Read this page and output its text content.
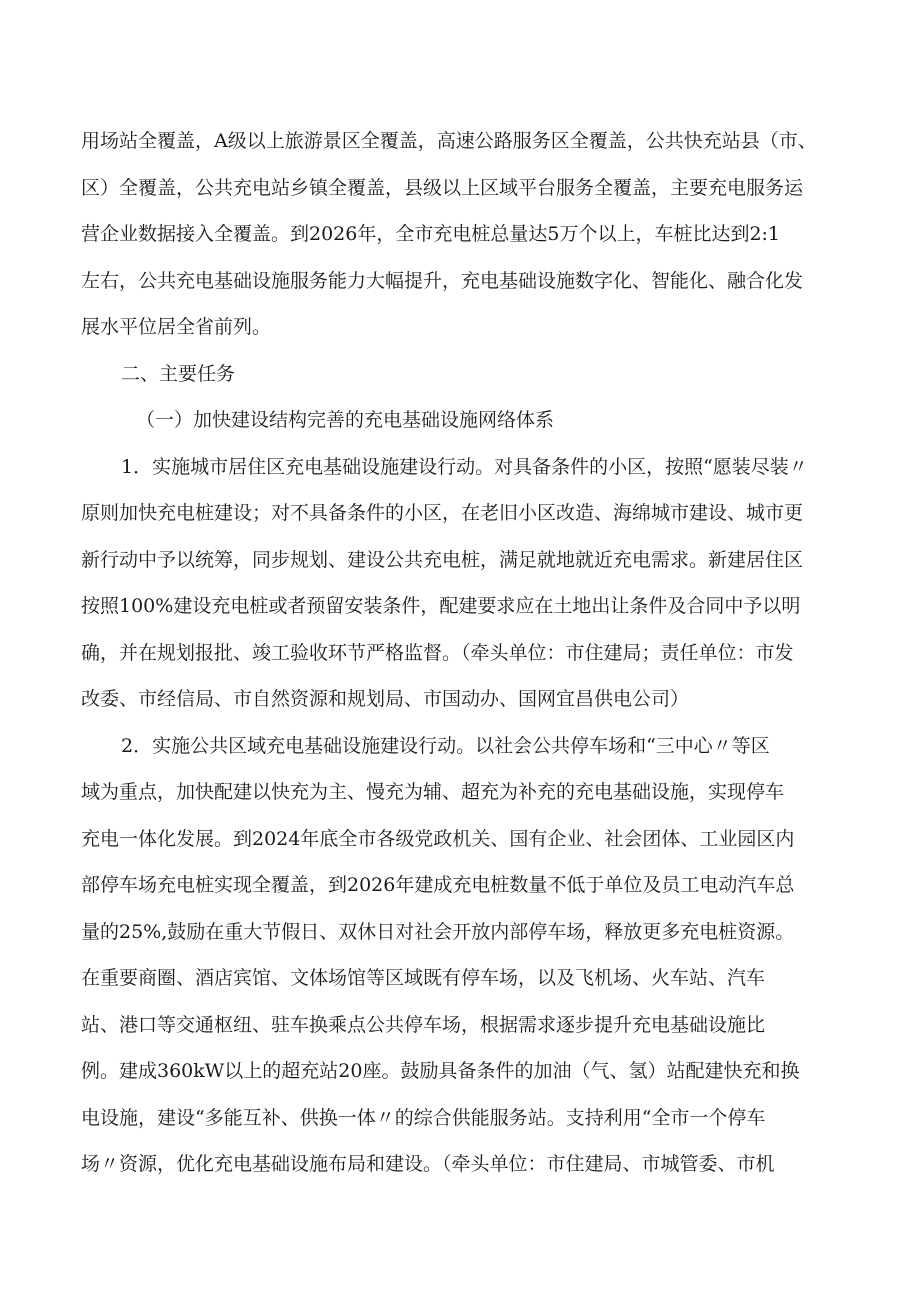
用场站全覆盖，A级以上旅游景区全覆盖，高速公路服务区全覆盖，公共快充站县（市、
区）全覆盖，公共充电站乡镇全覆盖，县级以上区域平台服务全覆盖，主要充电服务运
营企业数据接入全覆盖。到2026年，全市充电桩总量达5万个以上，车桩比达到2:1
左右，公共充电基础设施服务能力大幅提升，充电基础设施数字化、智能化、融合化发
展水平位居全省前列。
二、主要任务
（一）加快建设结构完善的充电基础设施网络体系
1．实施城市居住区充电基础设施建设行动。对具备条件的小区，按照“愿装尽装〃
原则加快充电桩建设；对不具备条件的小区，在老旧小区改造、海绵城市建设、城市更
新行动中予以统筹，同步规划、建设公共充电桩，满足就地就近充电需求。新建居住区
按照100%建设充电桩或者预留安装条件，配建要求应在土地出让条件及合同中予以明
确，并在规划报批、竣工验收环节严格监督。（牵头单位：市住建局；责任单位：市发
改委、市经信局、市自然资源和规划局、市国动办、国网宜昌供电公司）
2．实施公共区域充电基础设施建设行动。以社会公共停车场和“三中心〃等区
域为重点，加快配建以快充为主、慢充为辅、超充为补充的充电基础设施，实现停车
充电一体化发展。到2024年底全市各级党政机关、国有企业、社会团体、工业园区内
部停车场充电桩实现全覆盖，到2026年建成充电桩数量不低于单位及员工电动汽车总
量的25%,鼓励在重大节假日、双休日对社会开放内部停车场，释放更多充电桩资源。
在重要商圈、酒店宾馆、文体场馆等区域既有停车场，以及飞机场、火车站、汽车
站、港口等交通枢纽、驻车换乘点公共停车场，根据需求逐步提升充电基础设施比
例。建成360kW以上的超充站20座。鼓励具备条件的加油（气、氢）站配建快充和换
电设施，建设“多能互补、供换一体〃的综合供能服务站。支持利用“全市一个停车
场〃资源，优化充电基础设施布局和建设。（牵头单位：市住建局、市城管委、市机
